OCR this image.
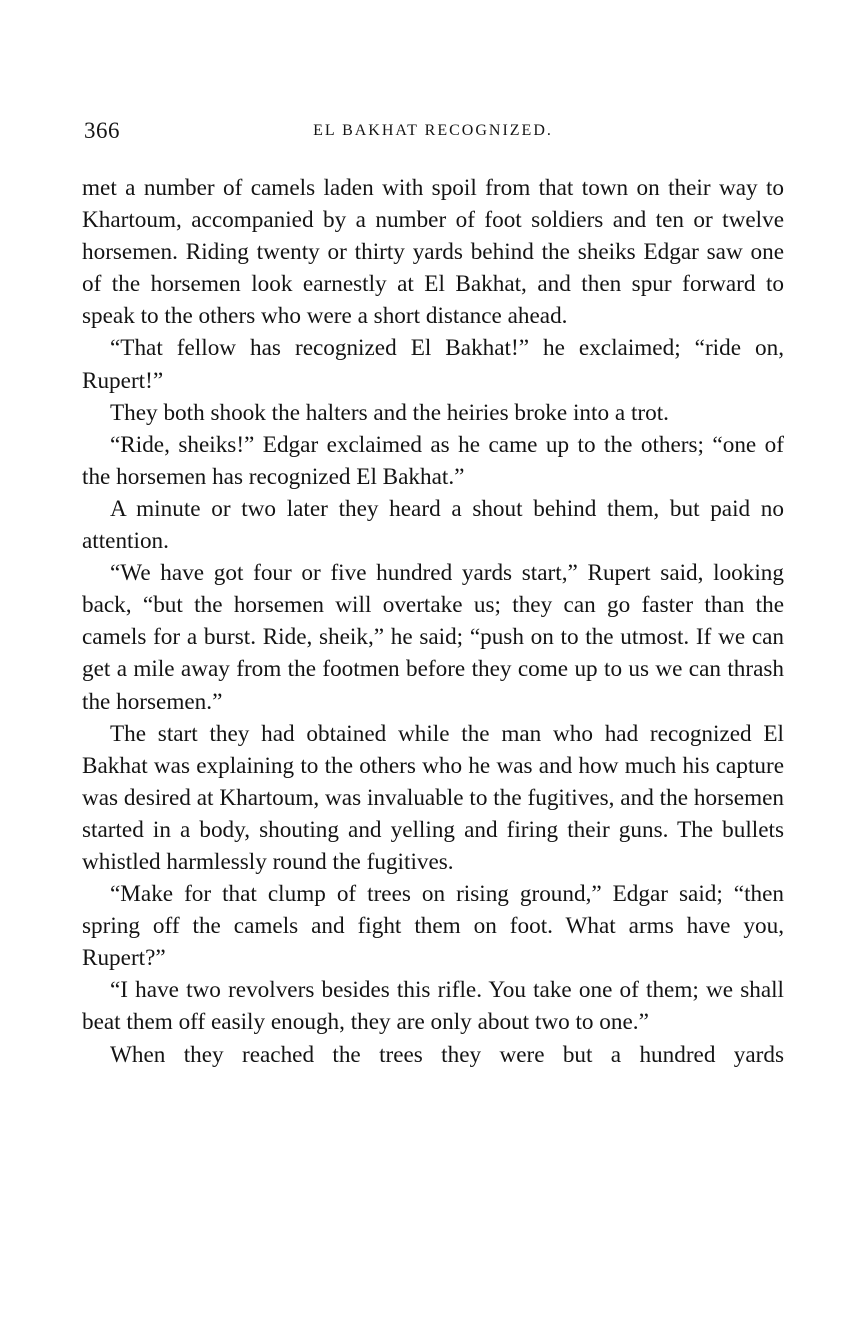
366	EL BAKHAT RECOGNIZED.

met a number of camels laden with spoil from that town on their way to Khartoum, accompanied by a number of foot soldiers and ten or twelve horsemen. Riding twenty or thirty yards behind the sheiks Edgar saw one of the horsemen look earnestly at El Bakhat, and then spur forward to speak to the others who were a short distance ahead.

“That fellow has recognized El Bakhat!” he exclaimed; “ride on, Rupert!”

They both shook the halters and the heiries broke into a trot.

“Ride, sheiks!” Edgar exclaimed as he came up to the others; “one of the horsemen has recognized El Bakhat.”

A minute or two later they heard a shout behind them, but paid no attention.

“We have got four or five hundred yards start,” Rupert said, looking back, “but the horsemen will overtake us; they can go faster than the camels for a burst. Ride, sheik,” he said; “push on to the utmost. If we can get a mile away from the footmen before they come up to us we can thrash the horsemen.”

The start they had obtained while the man who had recognized El Bakhat was explaining to the others who he was and how much his capture was desired at Khartoum, was invaluable to the fugitives, and the horsemen started in a body, shouting and yelling and firing their guns. The bullets whistled harmlessly round the fugitives.

“Make for that clump of trees on rising ground,” Edgar said; “then spring off the camels and fight them on foot. What arms have you, Rupert?”

“I have two revolvers besides this rifle. You take one of them; we shall beat them off easily enough, they are only about two to one.”

When they reached the trees they were but a hundred yards
